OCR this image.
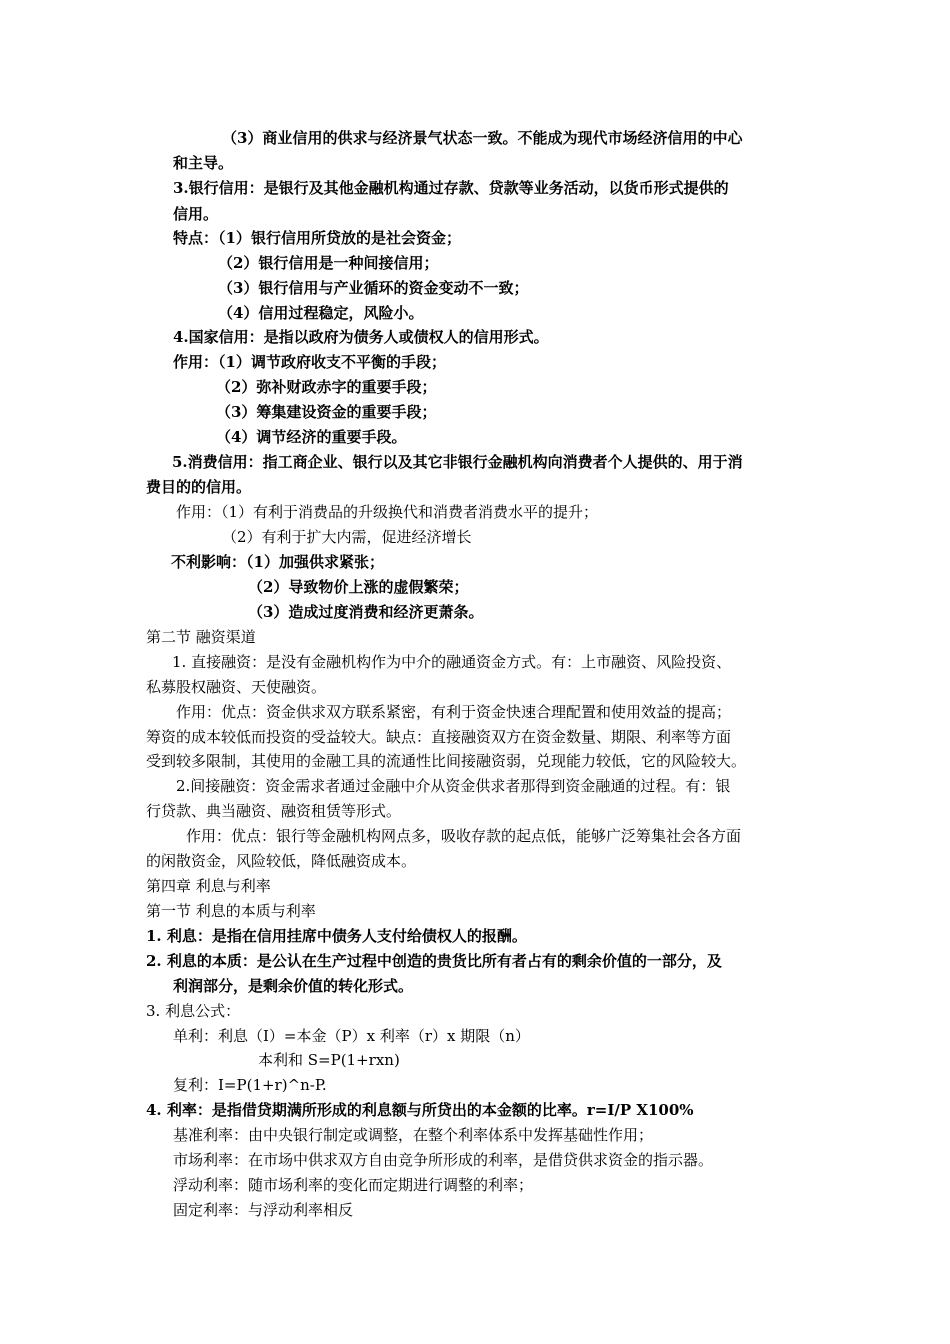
（3）商业信用的供求与经济景气状态一致。不能成为现代市场经济信用的中心

和主导。

3.银行信用：是银行及其他金融机构通过存款、贷款等业务活动，以货币形式提供的

信用。

特点：（1）银行信用所贷放的是社会资金；

（2）银行信用是一种间接信用；

（3）银行信用与产业循环的资金变动不一致；

（4）信用过程稳定，风险小。

4.国家信用：是指以政府为债务人或债权人的信用形式。

作用：（1）调节政府收支不平衡的手段；

（2）弥补财政赤字的重要手段；

（3）筹集建设资金的重要手段；

（4）调节经济的重要手段。

5.消费信用：指工商企业、银行以及其它非银行金融机构向消费者个人提供的、用于消

费目的的信用。

作用：（1）有利于消费品的升级换代和消费者消费水平的提升；

（2）有利于扩大内需，促进经济增长

不利影响：（1）加强供求紧张；

（2）导致物价上涨的虚假繁荣；

（3）造成过度消费和经济更萧条。

第二节 融资渠道

1. 直接融资：是没有金融机构作为中介的融通资金方式。有：上市融资、风险投资、

私募股权融资、天使融资。

作用：优点：资金供求双方联系紧密，有利于资金快速合理配置和使用效益的提高；

筹资的成本较低而投资的受益较大。缺点：直接融资双方在资金数量、期限、利率等方面

受到较多限制，其使用的金融工具的流通性比间接融资弱，兑现能力较低，它的风险较大。

2.间接融资：资金需求者通过金融中介从资金供求者那得到资金融通的过程。有：银

行贷款、典当融资、融资租赁等形式。

作用：优点：银行等金融机构网点多，吸收存款的起点低，能够广泛筹集社会各方面

的闲散资金，风险较低，降低融资成本。

第四章 利息与利率

第一节 利息的本质与利率

1. 利息：是指在信用挂席中债务人支付给债权人的报酬。

2. 利息的本质：是公认在生产过程中创造的贵货比所有者占有的剩余价值的一部分，及

利润部分，是剩余价值的转化形式。

3. 利息公式：

单利：利息（I）=本金（P）x 利率（r）x 期限（n）

本利和 S=P(1+rxn)

复利：I=P(1+r)^n-P.

4. 利率：是指借贷期满所形成的利息额与所贷出的本金额的比率。r=I/P X100%

基准利率：由中央银行制定或调整，在整个利率体系中发挥基础性作用；

市场利率：在市场中供求双方自由竞争所形成的利率，是借贷供求资金的指示器。

浮动利率：随市场利率的变化而定期进行调整的利率；

固定利率：与浮动利率相反
